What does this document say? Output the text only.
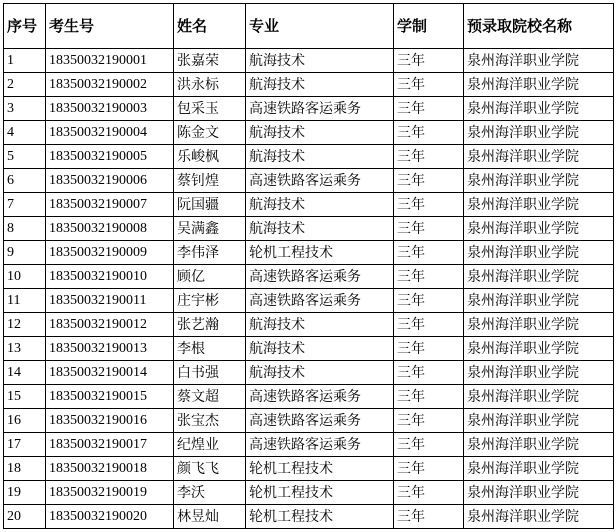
序号	考生号	姓名	专业	学制	预录取院校名称
1	18350032190001	张嘉荣	航海技术	三年	泉州海洋职业学院
2	18350032190002	洪永标	航海技术	三年	泉州海洋职业学院
3	18350032190003	包采玉	高速铁路客运乘务	三年	泉州海洋职业学院
4	18350032190004	陈金文	航海技术	三年	泉州海洋职业学院
5	18350032190005	乐峻枫	航海技术	三年	泉州海洋职业学院
6	18350032190006	蔡钊煌	高速铁路客运乘务	三年	泉州海洋职业学院
7	18350032190007	阮国疆	航海技术	三年	泉州海洋职业学院
8	18350032190008	吴满鑫	航海技术	三年	泉州海洋职业学院
9	18350032190009	李伟泽	轮机工程技术	三年	泉州海洋职业学院
10	18350032190010	顾亿	高速铁路客运乘务	三年	泉州海洋职业学院
11	18350032190011	庄宇彬	高速铁路客运乘务	三年	泉州海洋职业学院
12	18350032190012	张艺瀚	航海技术	三年	泉州海洋职业学院
13	18350032190013	李根	航海技术	三年	泉州海洋职业学院
14	18350032190014	白书强	航海技术	三年	泉州海洋职业学院
15	18350032190015	蔡文超	高速铁路客运乘务	三年	泉州海洋职业学院
16	18350032190016	张宝杰	高速铁路客运乘务	三年	泉州海洋职业学院
17	18350032190017	纪煌业	高速铁路客运乘务	三年	泉州海洋职业学院
18	18350032190018	颜飞飞	轮机工程技术	三年	泉州海洋职业学院
19	18350032190019	李沃	轮机工程技术	三年	泉州海洋职业学院
20	18350032190020	林昱灿	轮机工程技术	三年	泉州海洋职业学院
